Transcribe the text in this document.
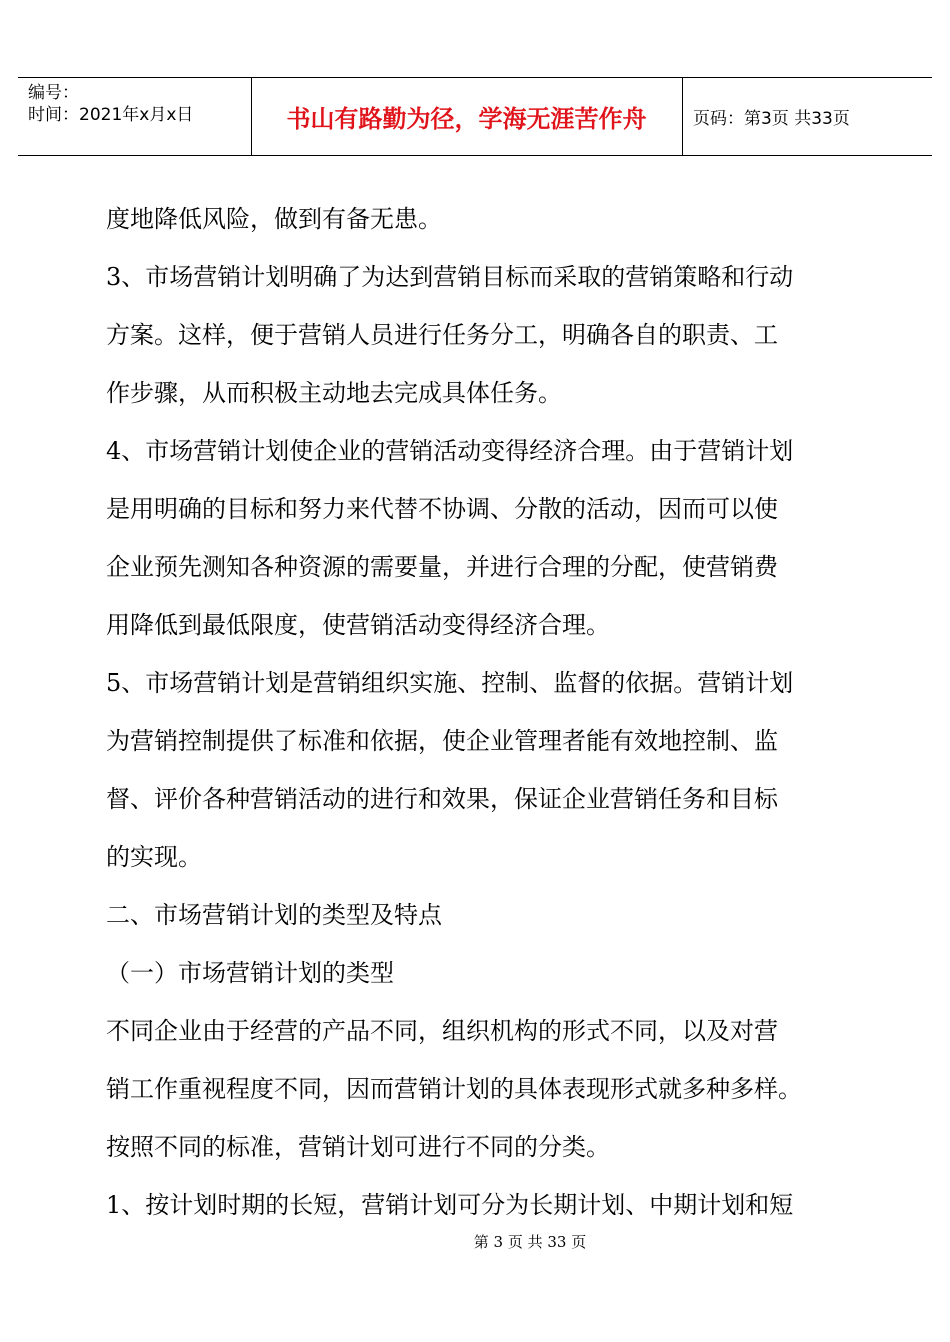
编号：
时间：2021年x月x日	书山有路勤为径，学海无涯苦作舟	页码：第3页 共33页
度地降低风险，做到有备无患。
3、市场营销计划明确了为达到营销目标而采取的营销策略和行动
方案。这样，便于营销人员进行任务分工，明确各自的职责、工
作步骤，从而积极主动地去完成具体任务。
4、市场营销计划使企业的营销活动变得经济合理。由于营销计划
是用明确的目标和努力来代替不协调、分散的活动，因而可以使
企业预先测知各种资源的需要量，并进行合理的分配，使营销费
用降低到最低限度，使营销活动变得经济合理。
5、市场营销计划是营销组织实施、控制、监督的依据。营销计划
为营销控制提供了标准和依据，使企业管理者能有效地控制、监
督、评价各种营销活动的进行和效果，保证企业营销任务和目标
的实现。
二、市场营销计划的类型及特点
（一）市场营销计划的类型
不同企业由于经营的产品不同，组织机构的形式不同，以及对营
销工作重视程度不同，因而营销计划的具体表现形式就多种多样。
按照不同的标准，营销计划可进行不同的分类。
1、按计划时期的长短，营销计划可分为长期计划、中期计划和短
第 3 页 共 33 页
